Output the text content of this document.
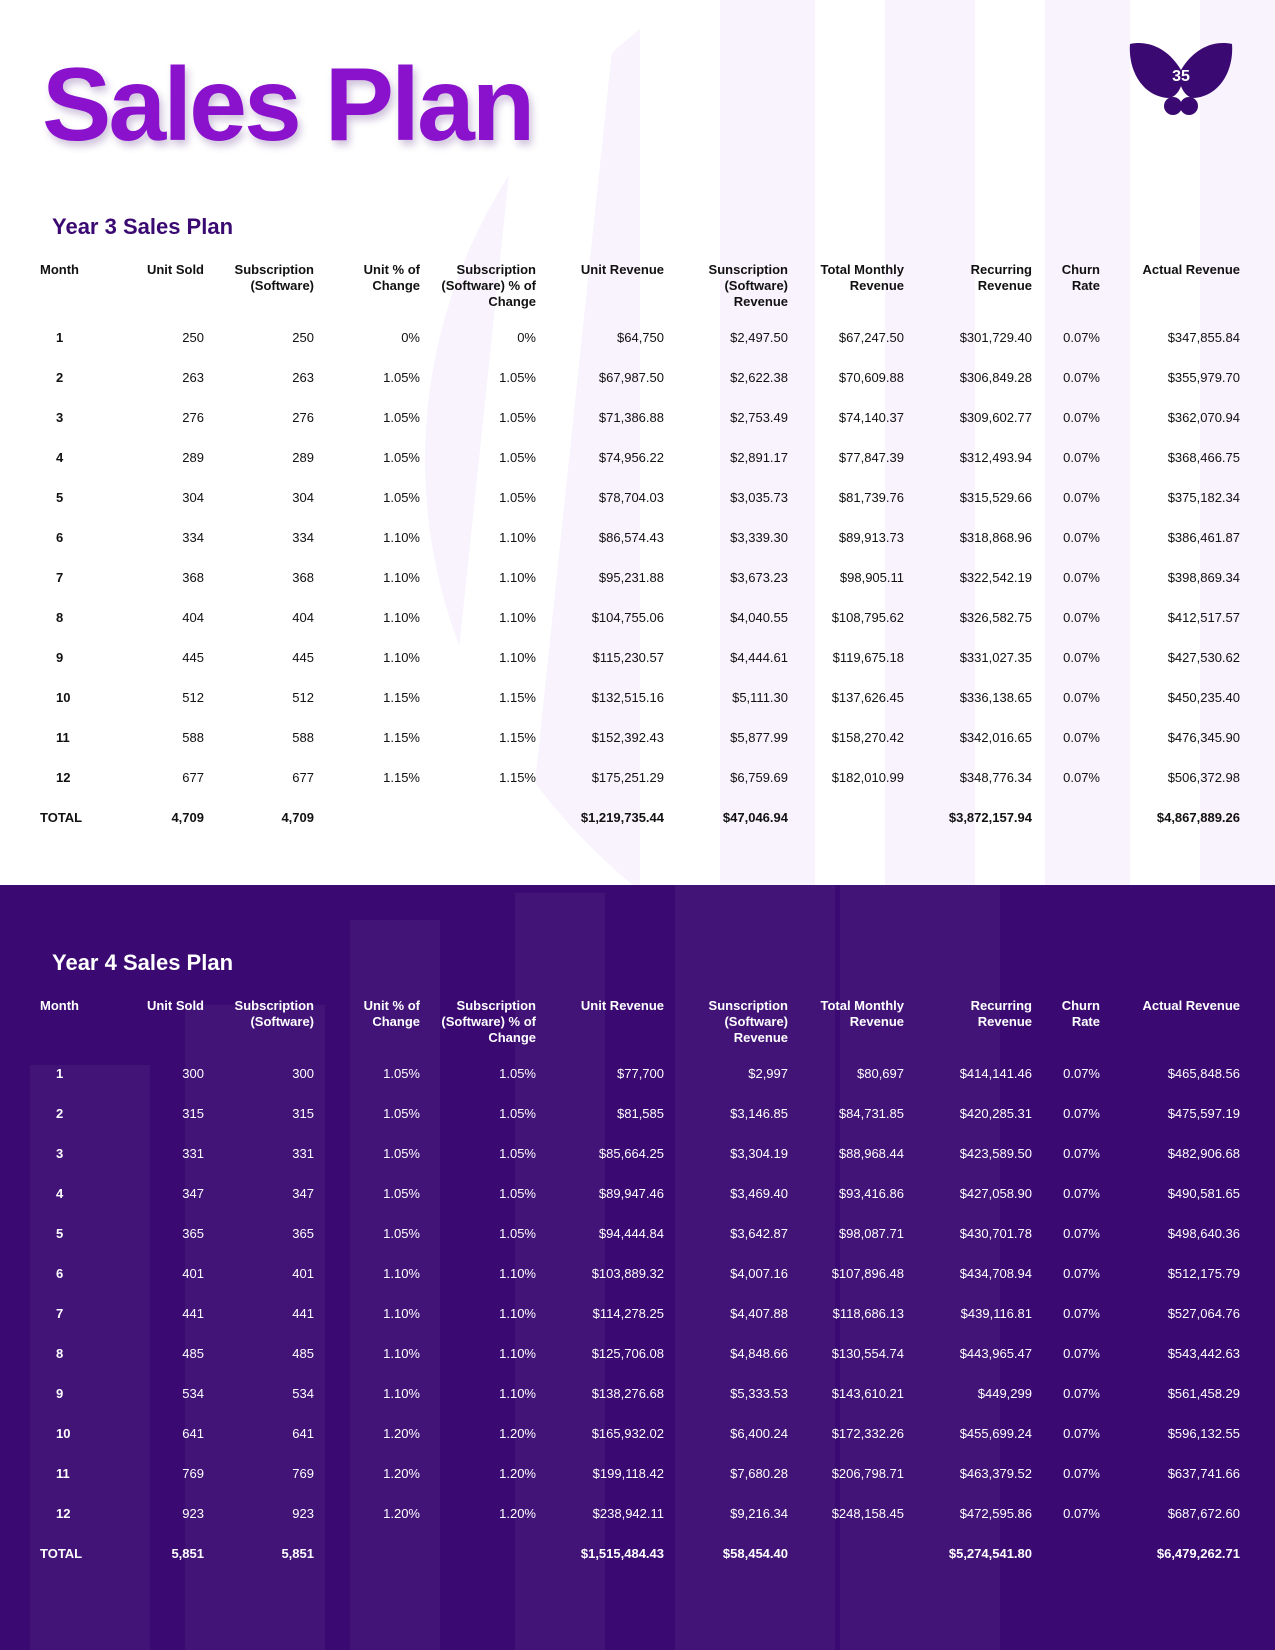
Sales Plan	35
Year 3 Sales Plan
Month	Unit Sold	Subscription (Software)	Unit % of Change	Subscription (Software) % of Change	Unit Revenue	Sunscription (Software) Revenue	Total Monthly Revenue	Recurring Revenue	Churn Rate	Actual Revenue
1	250	250	0%	0%	$64,750	$2,497.50	$67,247.50	$301,729.40	0.07%	$347,855.84
2	263	263	1.05%	1.05%	$67,987.50	$2,622.38	$70,609.88	$306,849.28	0.07%	$355,979.70
3	276	276	1.05%	1.05%	$71,386.88	$2,753.49	$74,140.37	$309,602.77	0.07%	$362,070.94
4	289	289	1.05%	1.05%	$74,956.22	$2,891.17	$77,847.39	$312,493.94	0.07%	$368,466.75
5	304	304	1.05%	1.05%	$78,704.03	$3,035.73	$81,739.76	$315,529.66	0.07%	$375,182.34
6	334	334	1.10%	1.10%	$86,574.43	$3,339.30	$89,913.73	$318,868.96	0.07%	$386,461.87
7	368	368	1.10%	1.10%	$95,231.88	$3,673.23	$98,905.11	$322,542.19	0.07%	$398,869.34
8	404	404	1.10%	1.10%	$104,755.06	$4,040.55	$108,795.62	$326,582.75	0.07%	$412,517.57
9	445	445	1.10%	1.10%	$115,230.57	$4,444.61	$119,675.18	$331,027.35	0.07%	$427,530.62
10	512	512	1.15%	1.15%	$132,515.16	$5,111.30	$137,626.45	$336,138.65	0.07%	$450,235.40
11	588	588	1.15%	1.15%	$152,392.43	$5,877.99	$158,270.42	$342,016.65	0.07%	$476,345.90
12	677	677	1.15%	1.15%	$175,251.29	$6,759.69	$182,010.99	$348,776.34	0.07%	$506,372.98
TOTAL	4,709	4,709			$1,219,735.44	$47,046.94		$3,872,157.94		$4,867,889.26
Year 4 Sales Plan
Month	Unit Sold	Subscription (Software)	Unit % of Change	Subscription (Software) % of Change	Unit Revenue	Sunscription (Software) Revenue	Total Monthly Revenue	Recurring Revenue	Churn Rate	Actual Revenue
1	300	300	1.05%	1.05%	$77,700	$2,997	$80,697	$414,141.46	0.07%	$465,848.56
2	315	315	1.05%	1.05%	$81,585	$3,146.85	$84,731.85	$420,285.31	0.07%	$475,597.19
3	331	331	1.05%	1.05%	$85,664.25	$3,304.19	$88,968.44	$423,589.50	0.07%	$482,906.68
4	347	347	1.05%	1.05%	$89,947.46	$3,469.40	$93,416.86	$427,058.90	0.07%	$490,581.65
5	365	365	1.05%	1.05%	$94,444.84	$3,642.87	$98,087.71	$430,701.78	0.07%	$498,640.36
6	401	401	1.10%	1.10%	$103,889.32	$4,007.16	$107,896.48	$434,708.94	0.07%	$512,175.79
7	441	441	1.10%	1.10%	$114,278.25	$4,407.88	$118,686.13	$439,116.81	0.07%	$527,064.76
8	485	485	1.10%	1.10%	$125,706.08	$4,848.66	$130,554.74	$443,965.47	0.07%	$543,442.63
9	534	534	1.10%	1.10%	$138,276.68	$5,333.53	$143,610.21	$449,299	0.07%	$561,458.29
10	641	641	1.20%	1.20%	$165,932.02	$6,400.24	$172,332.26	$455,699.24	0.07%	$596,132.55
11	769	769	1.20%	1.20%	$199,118.42	$7,680.28	$206,798.71	$463,379.52	0.07%	$637,741.66
12	923	923	1.20%	1.20%	$238,942.11	$9,216.34	$248,158.45	$472,595.86	0.07%	$687,672.60
TOTAL	5,851	5,851			$1,515,484.43	$58,454.40		$5,274,541.80		$6,479,262.71
